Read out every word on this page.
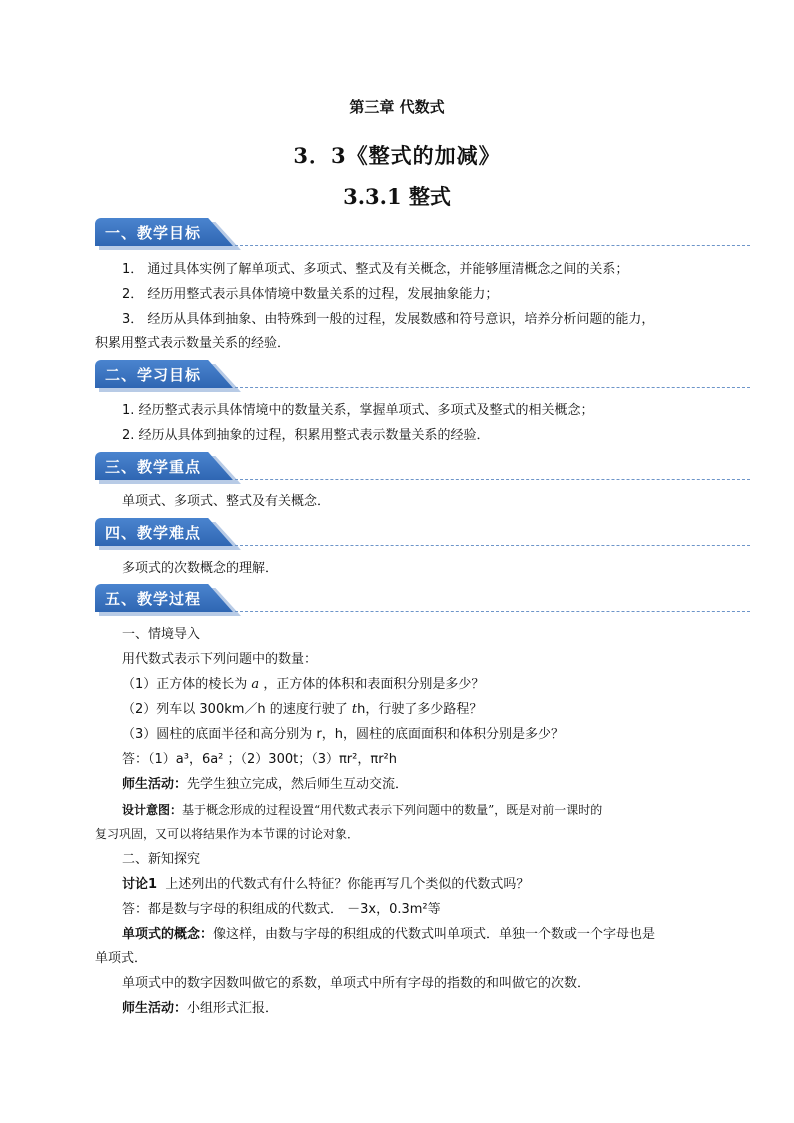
第三章 代数式
3．3《整式的加减》
3.3.1 整式
一、教学目标
1． 通过具体实例了解单项式、多项式、整式及有关概念，并能够厘清概念之间的关系；
2． 经历用整式表示具体情境中数量关系的过程，发展抽象能力；
3． 经历从具体到抽象、由特殊到一般的过程，发展数感和符号意识，培养分析问题的能力，
积累用整式表示数量关系的经验．
二、学习目标
1. 经历整式表示具体情境中的数量关系，掌握单项式、多项式及整式的相关概念；
2. 经历从具体到抽象的过程，积累用整式表示数量关系的经验．
三、教学重点
单项式、多项式、整式及有关概念．
四、教学难点
多项式的次数概念的理解．
五、教学过程
一、情境导入
用代数式表示下列问题中的数量：
（1）正方体的棱长为 a ，正方体的体积和表面积分别是多少？
（2）列车以 300km／h 的速度行驶了 th，行驶了多少路程？
（3）圆柱的底面半径和高分别为 r，h，圆柱的底面面积和体积分别是多少？
答：（1）a³，6a² ；（2）300t；（3）πr²，πr²h
师生活动：先学生独立完成，然后师生互动交流．
设计意图：基于概念形成的过程设置“用代数式表示下列问题中的数量”，既是对前一课时的
复习巩固，又可以将结果作为本节课的讨论对象．
二、新知探究
讨论1 上述列出的代数式有什么特征？你能再写几个类似的代数式吗？
答：都是数与字母的积组成的代数式． －3x，0.3m²等
单项式的概念：像这样，由数与字母的积组成的代数式叫单项式．单独一个数或一个字母也是
单项式．
单项式中的数字因数叫做它的系数，单项式中所有字母的指数的和叫做它的次数．
师生活动：小组形式汇报．
